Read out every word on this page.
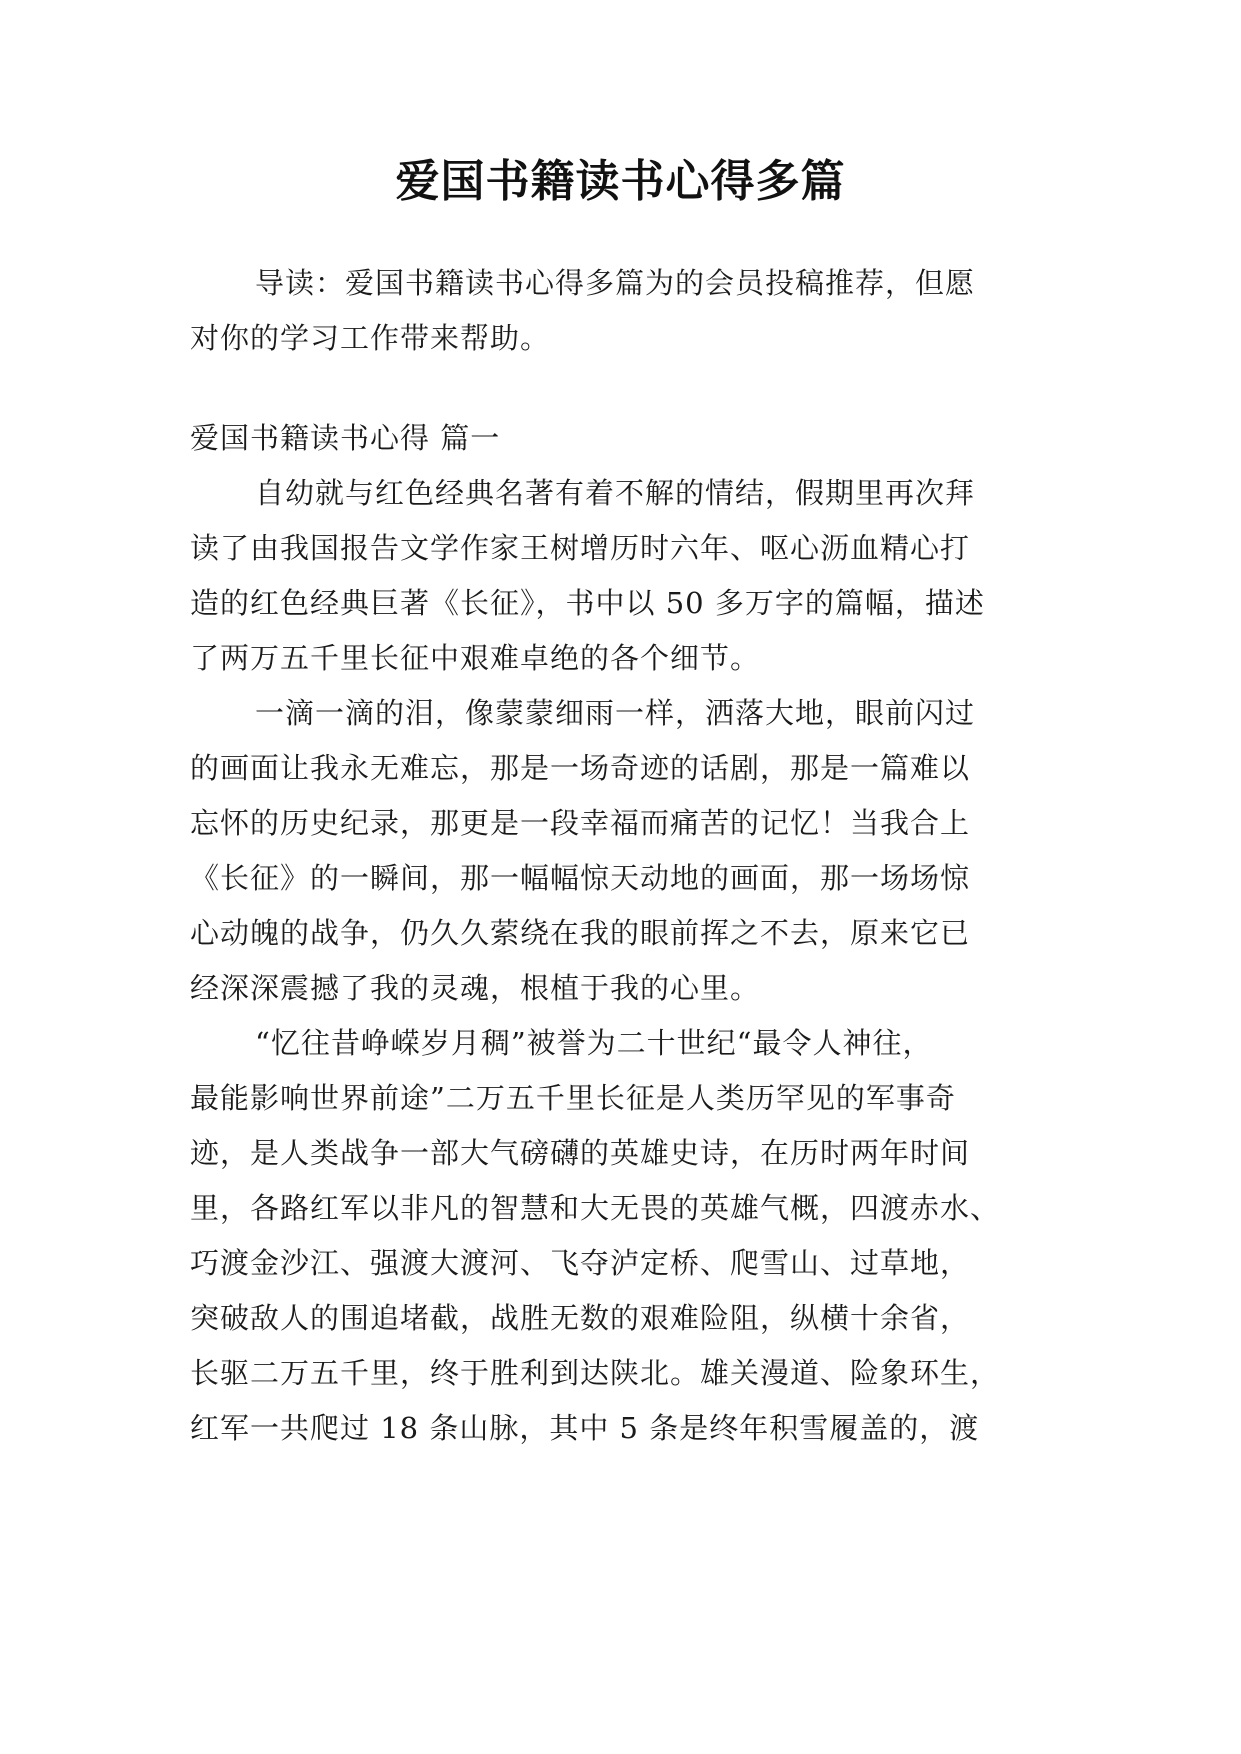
爱国书籍读书心得多篇
导读：爱国书籍读书心得多篇为的会员投稿推荐，但愿
对你的学习工作带来帮助。
爱国书籍读书心得 篇一
自幼就与红色经典名著有着不解的情结，假期里再次拜
读了由我国报告文学作家王树增历时六年、呕心沥血精心打
造的红色经典巨著《长征》，书中以 50 多万字的篇幅，描述
了两万五千里长征中艰难卓绝的各个细节。
一滴一滴的泪，像蒙蒙细雨一样，洒落大地，眼前闪过
的画面让我永无难忘，那是一场奇迹的话剧，那是一篇难以
忘怀的历史纪录，那更是一段幸福而痛苦的记忆！当我合上
《长征》的一瞬间，那一幅幅惊天动地的画面，那一场场惊
心动魄的战争，仍久久萦绕在我的眼前挥之不去，原来它已
经深深震撼了我的灵魂，根植于我的心里。
“忆往昔峥嵘岁月稠”被誉为二十世纪“最令人神往，
最能影响世界前途”二万五千里长征是人类历罕见的军事奇
迹，是人类战争一部大气磅礴的英雄史诗，在历时两年时间
里，各路红军以非凡的智慧和大无畏的英雄气概，四渡赤水、
巧渡金沙江、强渡大渡河、飞夺泸定桥、爬雪山、过草地，
突破敌人的围追堵截，战胜无数的艰难险阻，纵横十余省，
长驱二万五千里，终于胜利到达陕北。雄关漫道、险象环生，
红军一共爬过 18 条山脉，其中 5 条是终年积雪履盖的，渡
